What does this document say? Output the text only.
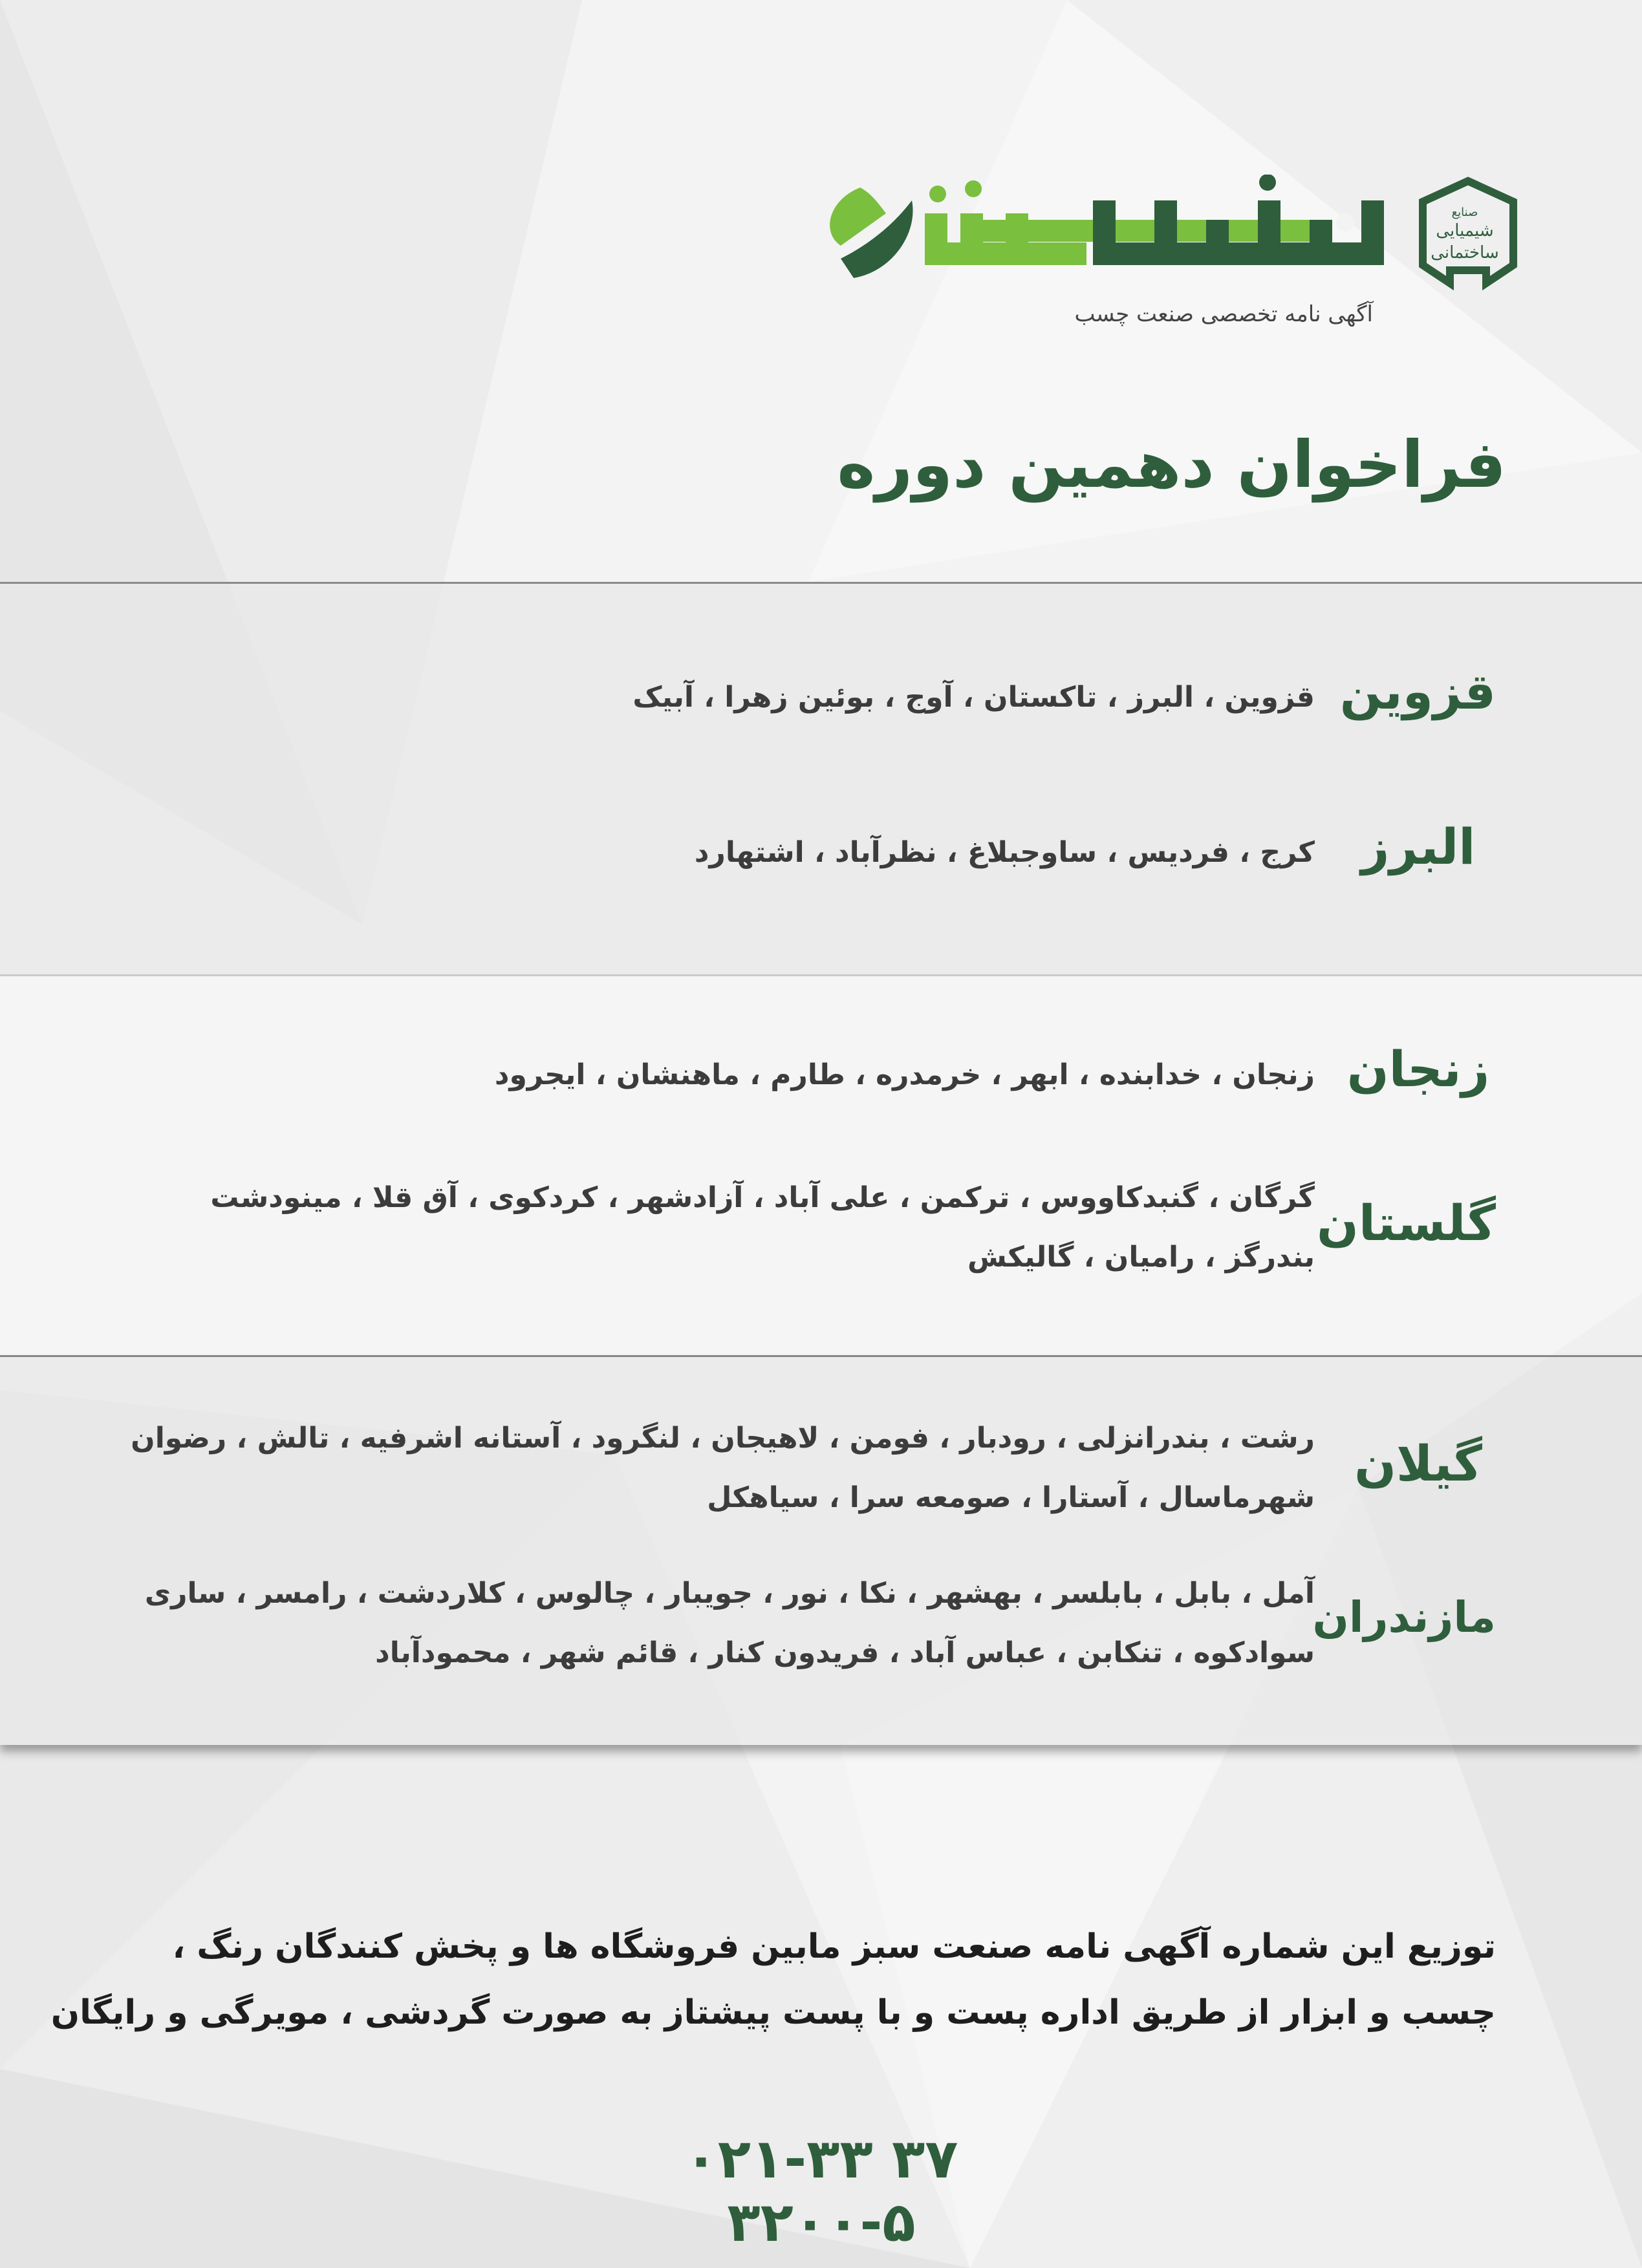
صنایع
شیمیایی
ساختمانی
آگهی نامه تخصصی صنعت چسب
فراخوان دهمین دوره
قزوین
قزوین ، البرز ، تاکستان ، آوج ، بوئین زهرا ، آبیک
البرز
کرج ، فردیس ، ساوجبلاغ ، نظرآباد ، اشتهارد
زنجان
زنجان ، خدابنده ، ابهر ، خرمدره ، طارم ، ماهنشان ، ایجرود
گلستان
گرگان ، گنبدکاووس ، ترکمن ، علی آباد ، آزادشهر ، کردکوی ، آق قلا ، مینودشت
بندرگز ، رامیان ، گالیکش
گیلان
رشت ، بندرانزلی ، رودبار ، فومن ، لاهیجان ، لنگرود ، آستانه اشرفیه ، تالش ، رضوان
شهرماسال ، آستارا ، صومعه سرا ، سیاهکل
مازندران
آمل ، بابل ، بابلسر ، بهشهر ، نکا ، نور ، جویبار ، چالوس ، کلاردشت ، رامسر ، ساری
سوادکوه ، تنکابن ، عباس آباد ، فریدون کنار ، قائم شهر ، محمودآباد
توزیع این شماره آگهی نامه صنعت سبز مابین فروشگاه ها و پخش کنندگان رنگ ،
چسب و ابزار از طریق اداره پست و با پست پیشتاز به صورت گردشی ، مویرگی و رایگان
۰۲۱-۳۳ ۳۷ ۳۲۰۰-۵
